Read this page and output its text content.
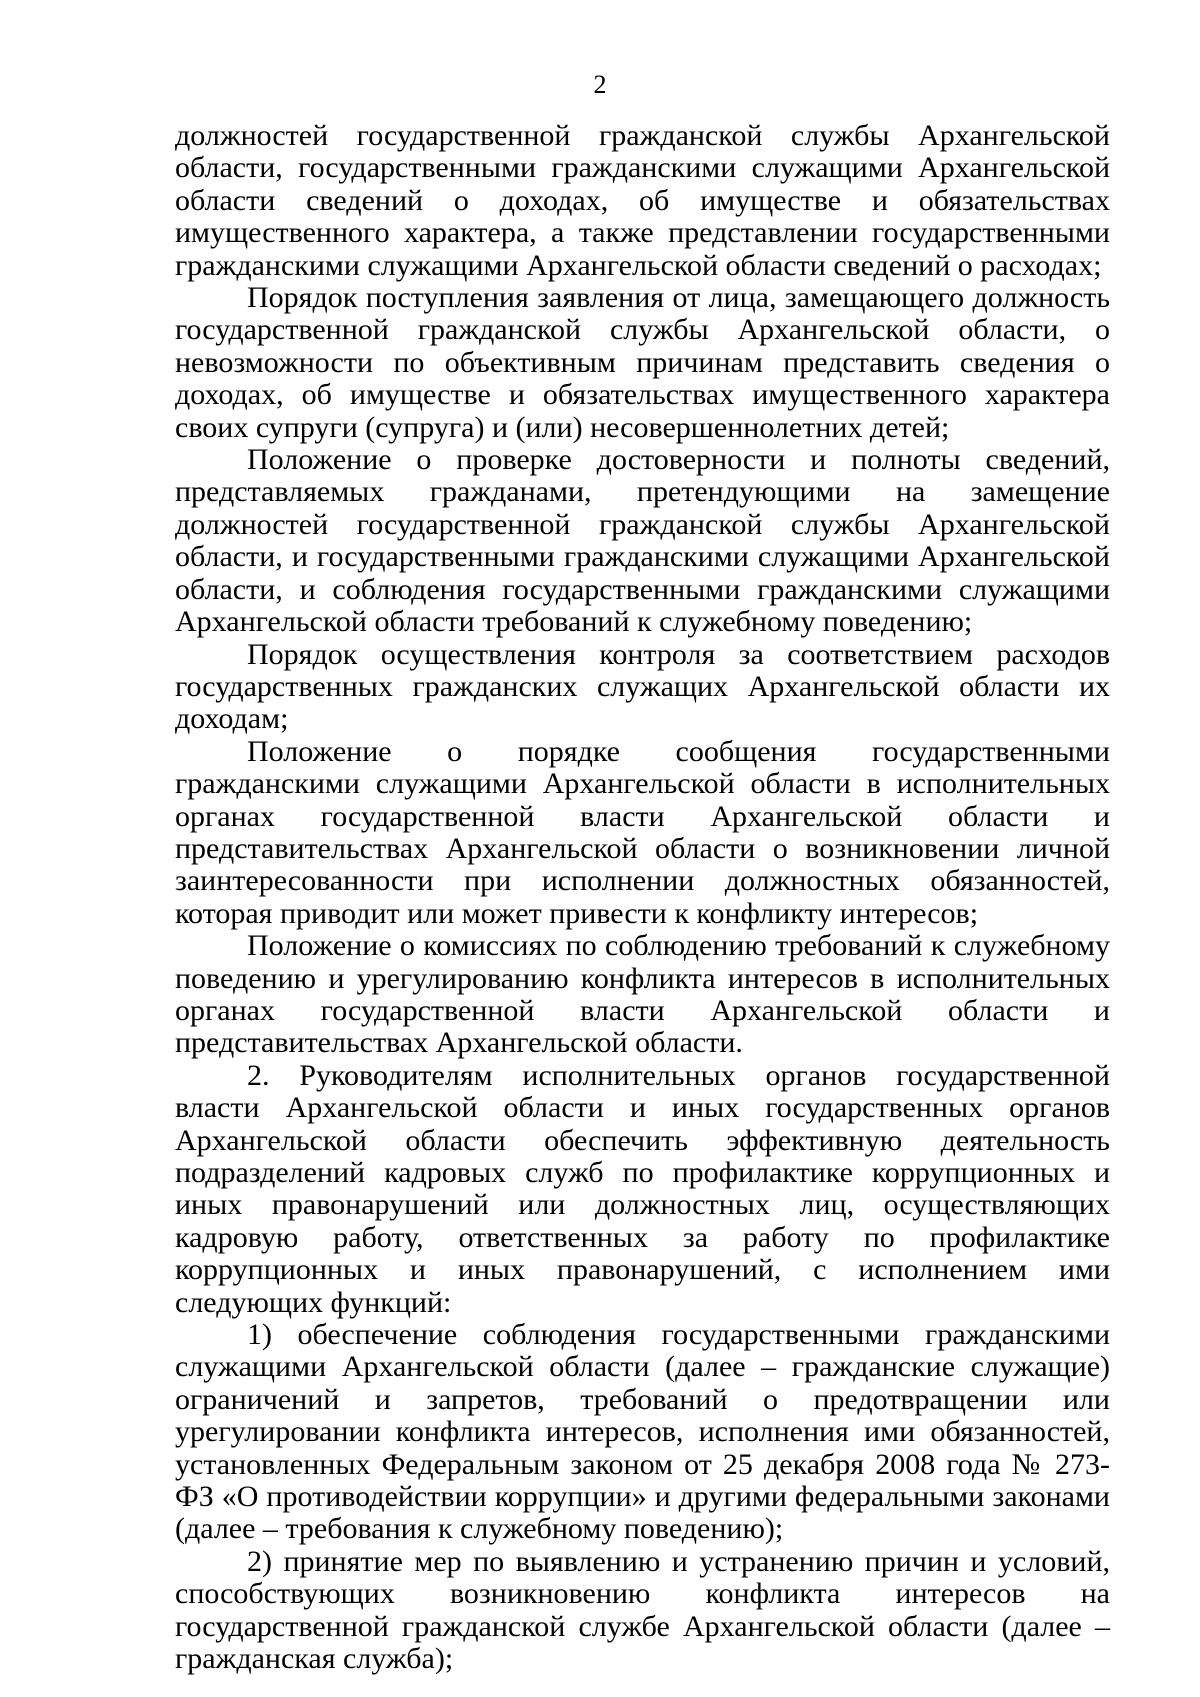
2

должностей государственной гражданской службы Архангельской области, государственными гражданскими служащими Архангельской области сведений о доходах, об имуществе и обязательствах имущественного характера, а также представлении государственными гражданскими служащими Архангельской области сведений о расходах;

Порядок поступления заявления от лица, замещающего должность государственной гражданской службы Архангельской области, о невозможности по объективным причинам представить сведения о доходах, об имуществе и обязательствах имущественного характера своих супруги (супруга) и (или) несовершеннолетних детей;

Положение о проверке достоверности и полноты сведений, представляемых гражданами, претендующими на замещение должностей государственной гражданской службы Архангельской области, и государственными гражданскими служащими Архангельской области, и соблюдения государственными гражданскими служащими Архангельской области требований к служебному поведению;

Порядок осуществления контроля за соответствием расходов государственных гражданских служащих Архангельской области их доходам;

Положение о порядке сообщения государственными гражданскими служащими Архангельской области в исполнительных органах государственной власти Архангельской области и представительствах Архангельской области о возникновении личной заинтересованности при исполнении должностных обязанностей, которая приводит или может привести к конфликту интересов;

Положение о комиссиях по соблюдению требований к служебному поведению и урегулированию конфликта интересов в исполнительных органах государственной власти Архангельской области и представительствах Архангельской области.

2. Руководителям исполнительных органов государственной власти Архангельской области и иных государственных органов Архангельской области обеспечить эффективную деятельность подразделений кадровых служб по профилактике коррупционных и иных правонарушений или должностных лиц, осуществляющих кадровую работу, ответственных за работу по профилактике коррупционных и иных правонарушений, с исполнением ими следующих функций:

1) обеспечение соблюдения государственными гражданскими служащими Архангельской области (далее – гражданские служащие) ограничений и запретов, требований о предотвращении или урегулировании конфликта интересов, исполнения ими обязанностей, установленных Федеральным законом от 25 декабря 2008 года № 273-ФЗ «О противодействии коррупции» и другими федеральными законами (далее – требования к служебному поведению);

2) принятие мер по выявлению и устранению причин и условий, способствующих возникновению конфликта интересов на государственной гражданской службе Архангельской области (далее – гражданская служба);
